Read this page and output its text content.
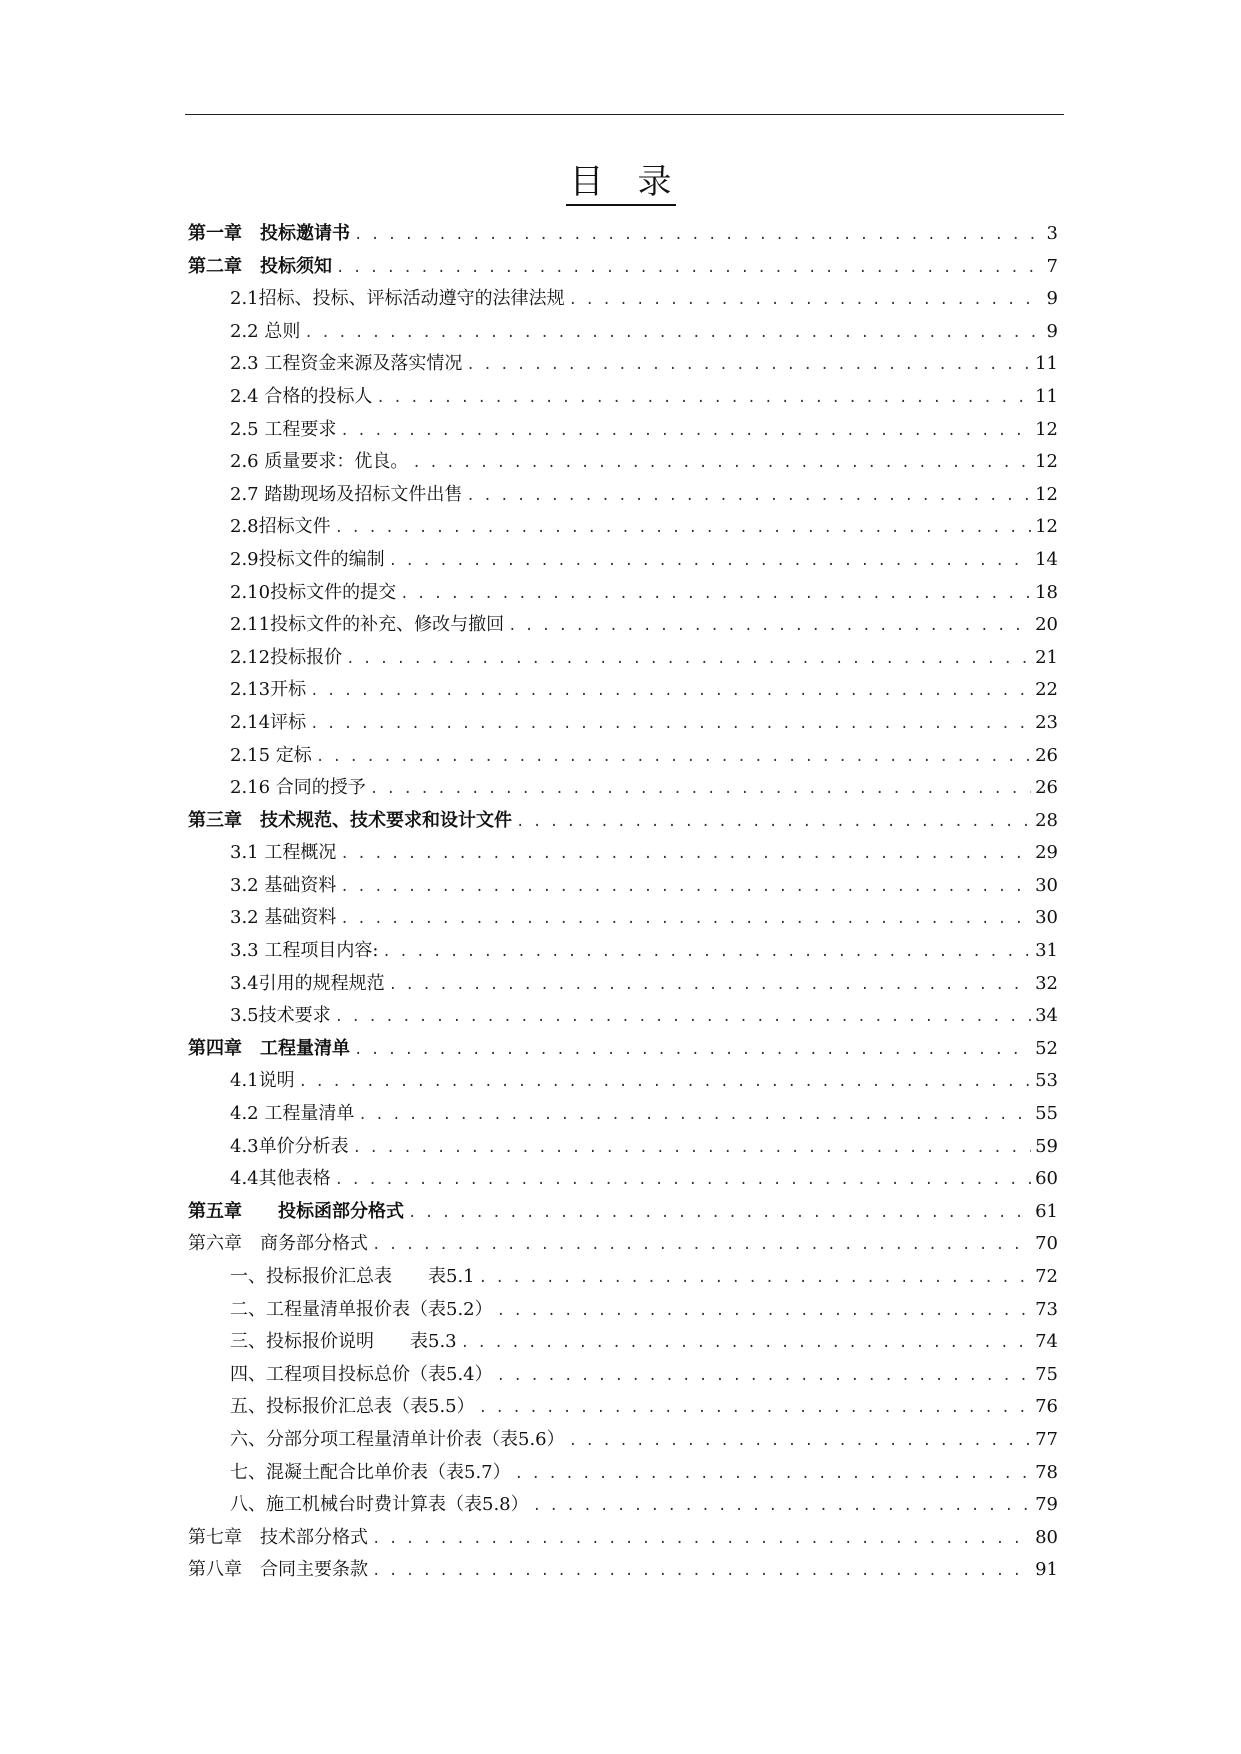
目　录
第一章　投标邀请书 . . .	3
第二章　投标须知 . . .	7
2.1招标、投标、评标活动遵守的法律法规 . . .	9
2.2 总则 . . .	9
2.3 工程资金来源及落实情况 . . .	11
2.4 合格的投标人 . . .	11
2.5 工程要求 . . .	12
2.6 质量要求：优良。 . . .	12
2.7 踏勘现场及招标文件出售 . . .	12
2.8招标文件 . . .	12
2.9投标文件的编制 . . .	14
2.10投标文件的提交 . . .	18
2.11投标文件的补充、修改与撤回 . . .	20
2.12投标报价 . . .	21
2.13开标 . . .	22
2.14评标 . . .	23
2.15 定标 . . .	26
2.16 合同的授予 . . .	26
第三章　技术规范、技术要求和设计文件 . . .	28
3.1 工程概况 . . .	29
3.2 基础资料 . . .	30
3.2 基础资料 . . .	30
3.3 工程项目内容: . . .	31
3.4引用的规程规范 . . .	32
3.5技术要求 . . .	34
第四章　工程量清单 . . .	52
4.1说明 . . .	53
4.2 工程量清单 . . .	55
4.3单价分析表 . . .	59
4.4其他表格 . . .	60
第五章　　投标函部分格式 . . .	61
第六章　商务部分格式 . . .	70
一、投标报价汇总表　　表5.1 . . .	72
二、工程量清单报价表（表5.2） . . .	73
三、投标报价说明　　表5.3 . . .	74
四、工程项目投标总价（表5.4） . . .	75
五、投标报价汇总表（表5.5） . . .	76
六、分部分项工程量清单计价表（表5.6） . . .	77
七、混凝土配合比单价表（表5.7） . . .	78
八、施工机械台时费计算表（表5.8） . . .	79
第七章　技术部分格式 . . .	80
第八章　合同主要条款 . . .	91
